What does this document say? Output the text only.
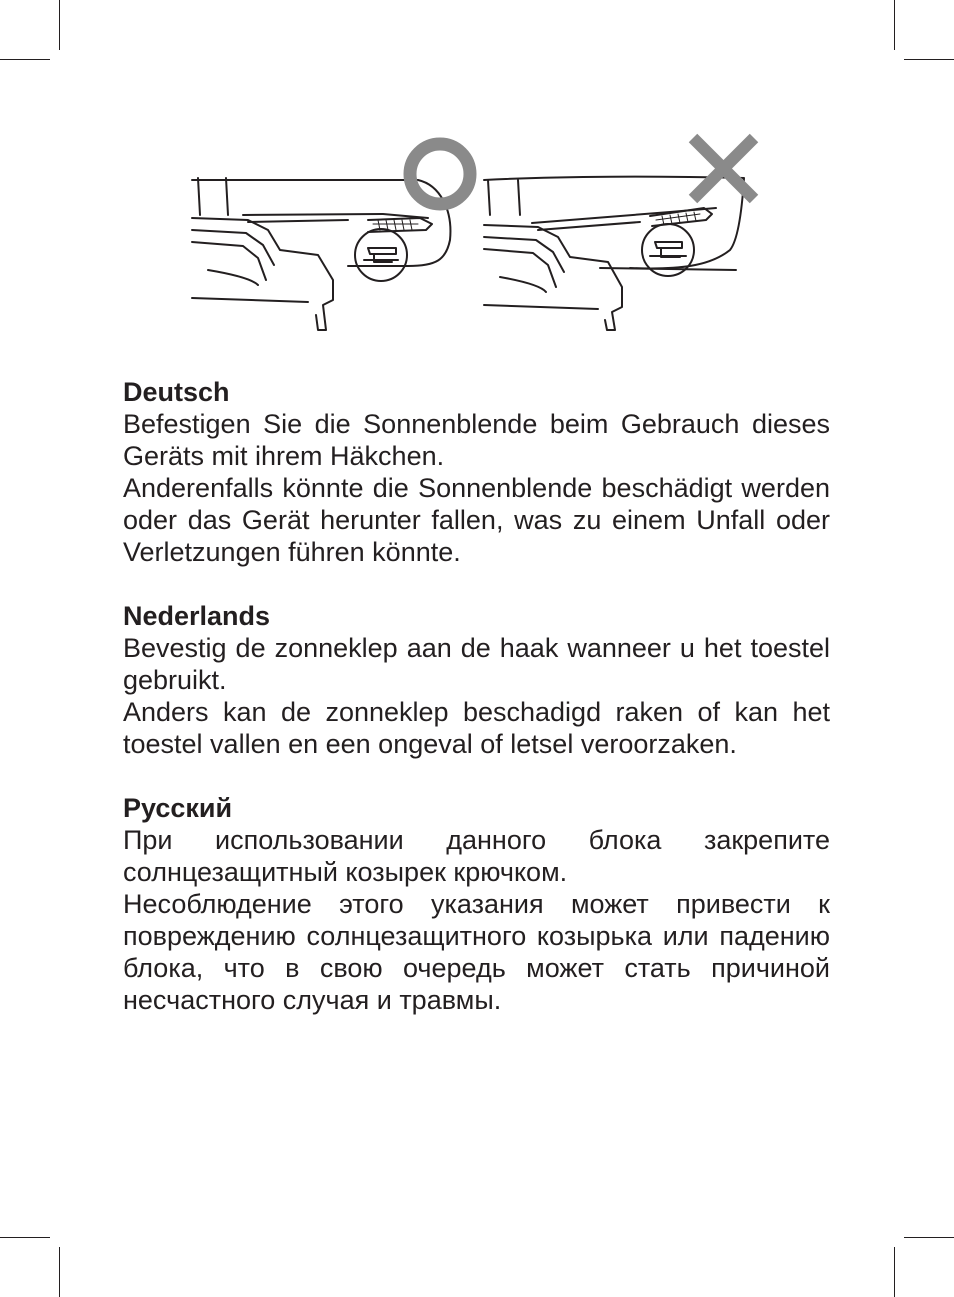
Deutsch

Befestigen Sie die Sonnenblende beim Gebrauch dieses Geräts mit ihrem Häkchen.

Anderenfalls könnte die Sonnenblende beschädigt werden oder das Gerät herunter fallen, was zu einem Unfall oder Verletzungen führen könnte.

Nederlands

Bevestig de zonneklep aan de haak wanneer u het toestel gebruikt.

Anders kan de zonneklep beschadigd raken of kan het toestel vallen en een ongeval of letsel veroorzaken.

Русский

При использовании данного блока закрепите солнцезащитный козырек крючком.

Несоблюдение этого указания может привести к повреждению солнцезащитного козырька или падению блока, что в свою очередь может стать причиной несчастного случая и травмы.
